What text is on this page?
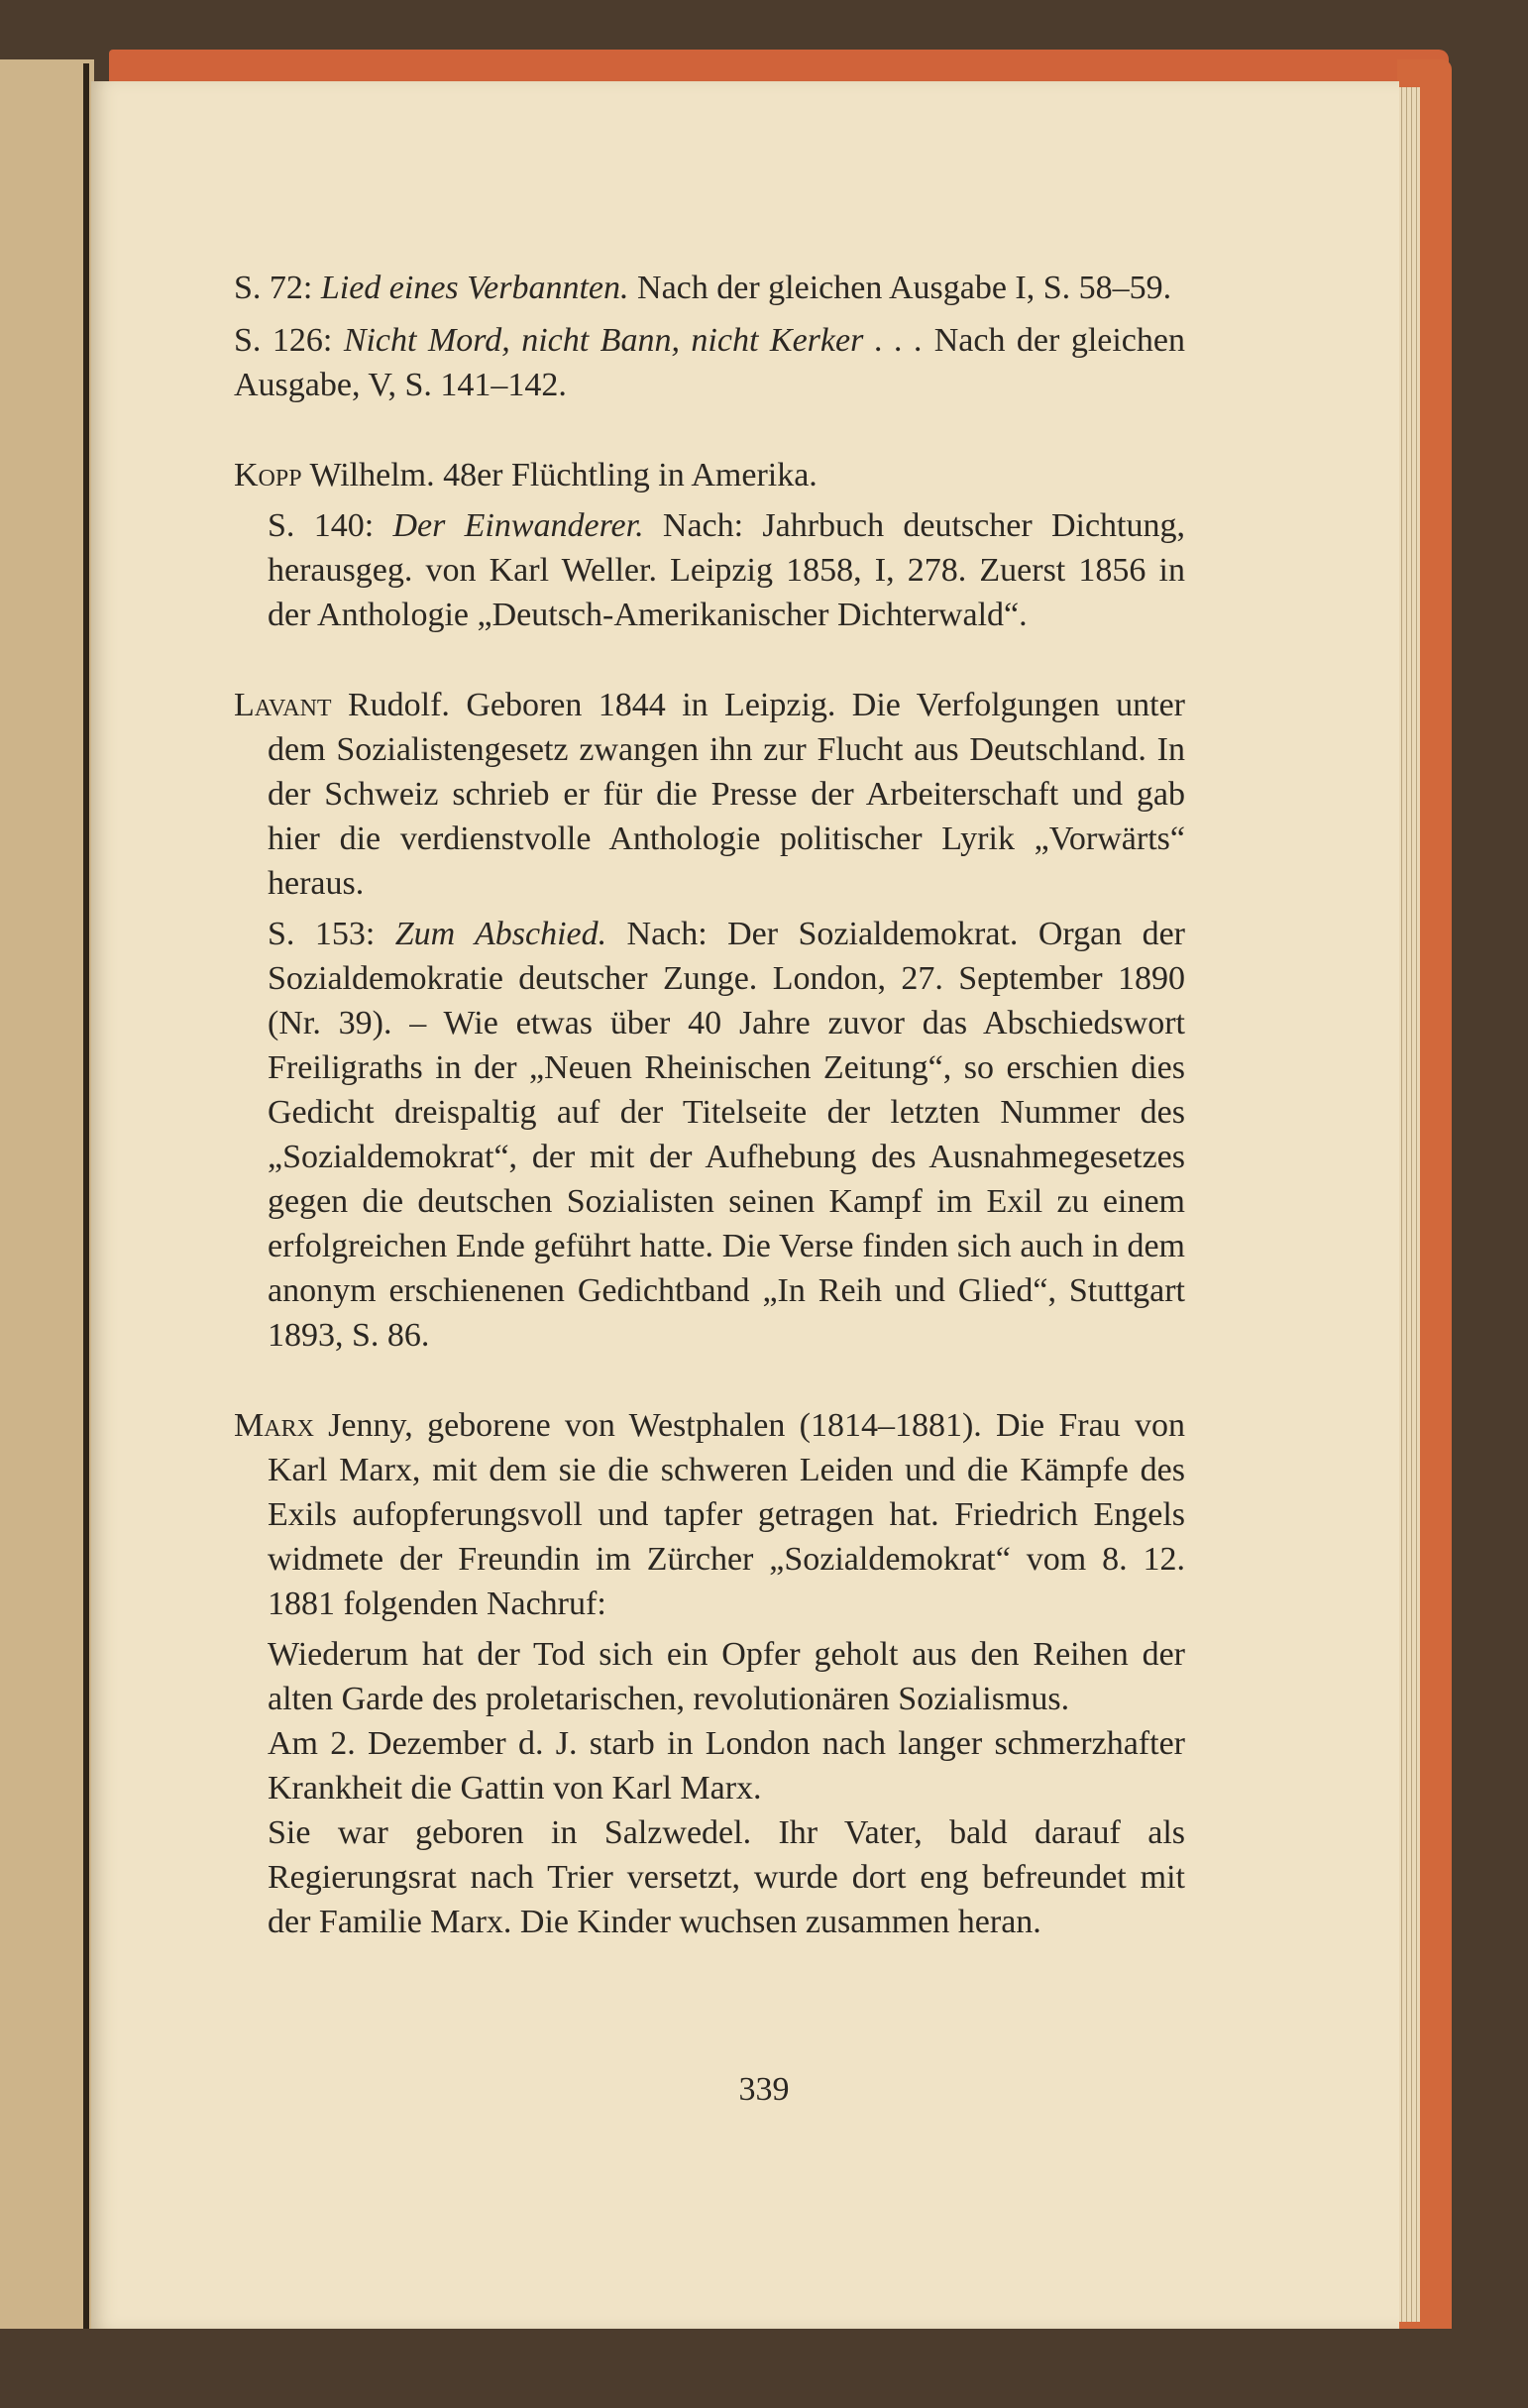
S. 72: Lied eines Verbannten. Nach der gleichen Ausgabe I, S. 58–59.
S. 126: Nicht Mord, nicht Bann, nicht Kerker . . . Nach der gleichen Ausgabe, V, S. 141–142.
Kopp Wilhelm. 48er Flüchtling in Amerika.
S. 140: Der Einwanderer. Nach: Jahrbuch deutscher Dichtung, herausgeg. von Karl Weller. Leipzig 1858, I, 278. Zuerst 1856 in der Anthologie „Deutsch-Amerikanischer Dichterwald“.
Lavant Rudolf. Geboren 1844 in Leipzig. Die Verfolgungen unter dem Sozialistengesetz zwangen ihn zur Flucht aus Deutschland. In der Schweiz schrieb er für die Presse der Arbeiterschaft und gab hier die verdienstvolle Anthologie politischer Lyrik „Vorwärts“ heraus.
S. 153: Zum Abschied. Nach: Der Sozialdemokrat. Organ der Sozialdemokratie deutscher Zunge. London, 27. September 1890 (Nr. 39). – Wie etwas über 40 Jahre zuvor das Abschiedswort Freiligraths in der „Neuen Rheinischen Zeitung“, so erschien dies Gedicht dreispaltig auf der Titelseite der letzten Nummer des „Sozialdemokrat“, der mit der Aufhebung des Ausnahmegesetzes gegen die deutschen Sozialisten seinen Kampf im Exil zu einem erfolgreichen Ende geführt hatte. Die Verse finden sich auch in dem anonym erschienenen Gedichtband „In Reih und Glied“, Stuttgart 1893, S. 86.
Marx Jenny, geborene von Westphalen (1814–1881). Die Frau von Karl Marx, mit dem sie die schweren Leiden und die Kämpfe des Exils aufopferungsvoll und tapfer getragen hat. Friedrich Engels widmete der Freundin im Zürcher „Sozialdemokrat“ vom 8. 12. 1881 folgenden Nachruf:
Wiederum hat der Tod sich ein Opfer geholt aus den Reihen der alten Garde des proletarischen, revolutionären Sozialismus.
Am 2. Dezember d. J. starb in London nach langer schmerzhafter Krankheit die Gattin von Karl Marx.
Sie war geboren in Salzwedel. Ihr Vater, bald darauf als Regierungsrat nach Trier versetzt, wurde dort eng befreundet mit der Familie Marx. Die Kinder wuchsen zusammen heran.
339
